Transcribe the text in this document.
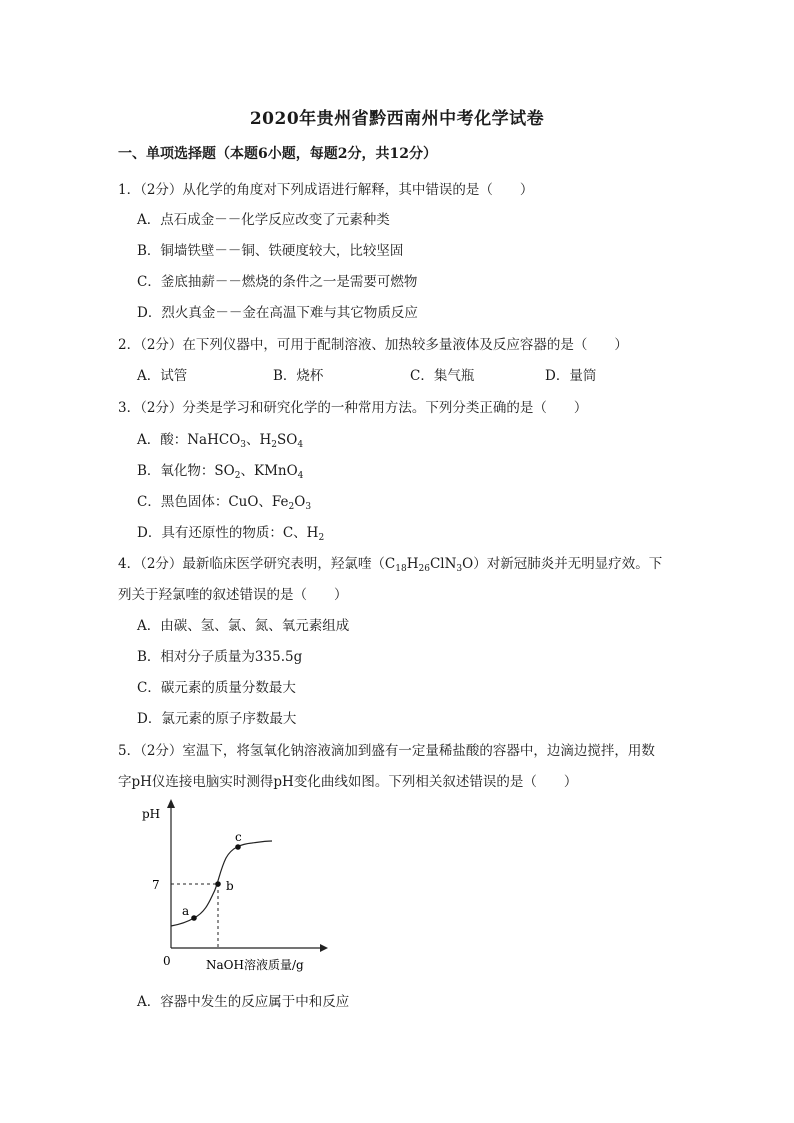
2020年贵州省黔西南州中考化学试卷
一、单项选择题（本题6小题，每题2分，共12分）
1．（2分）从化学的角度对下列成语进行解释，其中错误的是（　　）
A．点石成金－－化学反应改变了元素种类
B．铜墙铁壁－－铜、铁硬度较大，比较坚固
C．釜底抽薪－－燃烧的条件之一是需要可燃物
D．烈火真金－－金在高温下难与其它物质反应
2．（2分）在下列仪器中，可用于配制溶液、加热较多量液体及反应容器的是（　　）
A．试管	B．烧杯	C．集气瓶	D．量筒
3．（2分）分类是学习和研究化学的一种常用方法。下列分类正确的是（　　）
A．酸：NaHCO$_3$、$H_2SO_4$
B．氧化物：$SO_2$、KMnO$_4$
C．黑色固体：CuO、$Fe_2O_3$
D．具有还原性的物质：C、$H_2$
4．（2分）最新临床医学研究表明，羟氯喹$(C_{18}H_{26}ClN_3O)$对新冠肺炎并无明显疗效。下
列关于羟氯喹的叙述错误的是（　　）
A．由碳、氢、氯、氮、氧元素组成
B．相对分子质量为335.5g
C．碳元素的质量分数最大
D．氯元素的原子序数最大
5．（2分）室温下，将氢氧化钠溶液滴加到盛有一定量稀盐酸的容器中，边滴边搅拌，用数
字pH仪连接电脑实时测得pH变化曲线如图。下列相关叙述错误的是（　　）
pH
7
0	NaOH溶液质量/g
a
b
c
A．容器中发生的反应属于中和反应
